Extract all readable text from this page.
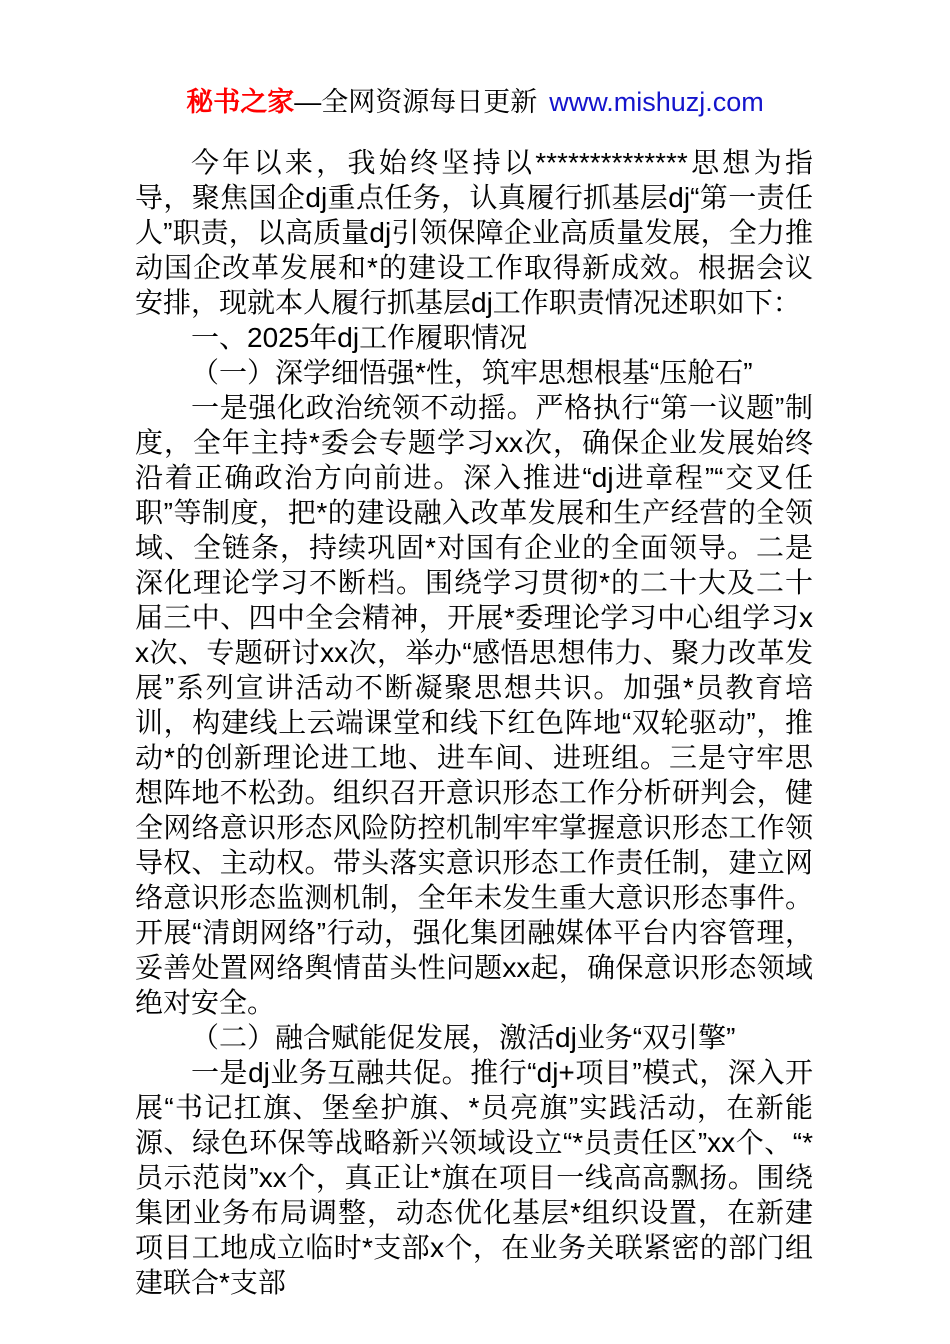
秘书之家—全网资源每日更新 www.mishuzj.com

今年以来，我始终坚持以**************思想为指导，聚焦国企dj重点任务，认真履行抓基层dj“第一责任人”职责，以高质量dj引领保障企业高质量发展，全力推动国企改革发展和*的建设工作取得新成效。根据会议安排，现就本人履行抓基层dj工作职责情况述职如下：

一、2025年dj工作履职情况

（一）深学细悟强*性，筑牢思想根基“压舱石”

一是强化政治统领不动摇。严格执行“第一议题”制度，全年主持*委会专题学习xx次，确保企业发展始终沿着正确政治方向前进。深入推进“dj进章程”“交叉任职”等制度，把*的建设融入改革发展和生产经营的全领域、全链条，持续巩固*对国有企业的全面领导。二是深化理论学习不断档。围绕学习贯彻*的二十大及二十届三中、四中全会精神，开展*委理论学习中心组学习xx次、专题研讨xx次，举办“感悟思想伟力、聚力改革发展”系列宣讲活动不断凝聚思想共识。加强*员教育培训，构建线上云端课堂和线下红色阵地“双轮驱动”，推动*的创新理论进工地、进车间、进班组。三是守牢思想阵地不松劲。组织召开意识形态工作分析研判会，健全网络意识形态风险防控机制牢牢掌握意识形态工作领导权、主动权。带头落实意识形态工作责任制，建立网络意识形态监测机制，全年未发生重大意识形态事件。开展“清朗网络”行动，强化集团融媒体平台内容管理，妥善处置网络舆情苗头性问题xx起，确保意识形态领域绝对安全。

（二）融合赋能促发展，激活dj业务“双引擎”

一是dj业务互融共促。推行“dj+项目”模式，深入开展“书记扛旗、堡垒护旗、*员亮旗”实践活动，在新能源、绿色环保等战略新兴领域设立“*员责任区”xx个、“*员示范岗”xx个，真正让*旗在项目一线高高飘扬。围绕集团业务布局调整，动态优化基层*组织设置，在新建项目工地成立临时*支部x个，在业务关联紧密的部门组建联合*支部
